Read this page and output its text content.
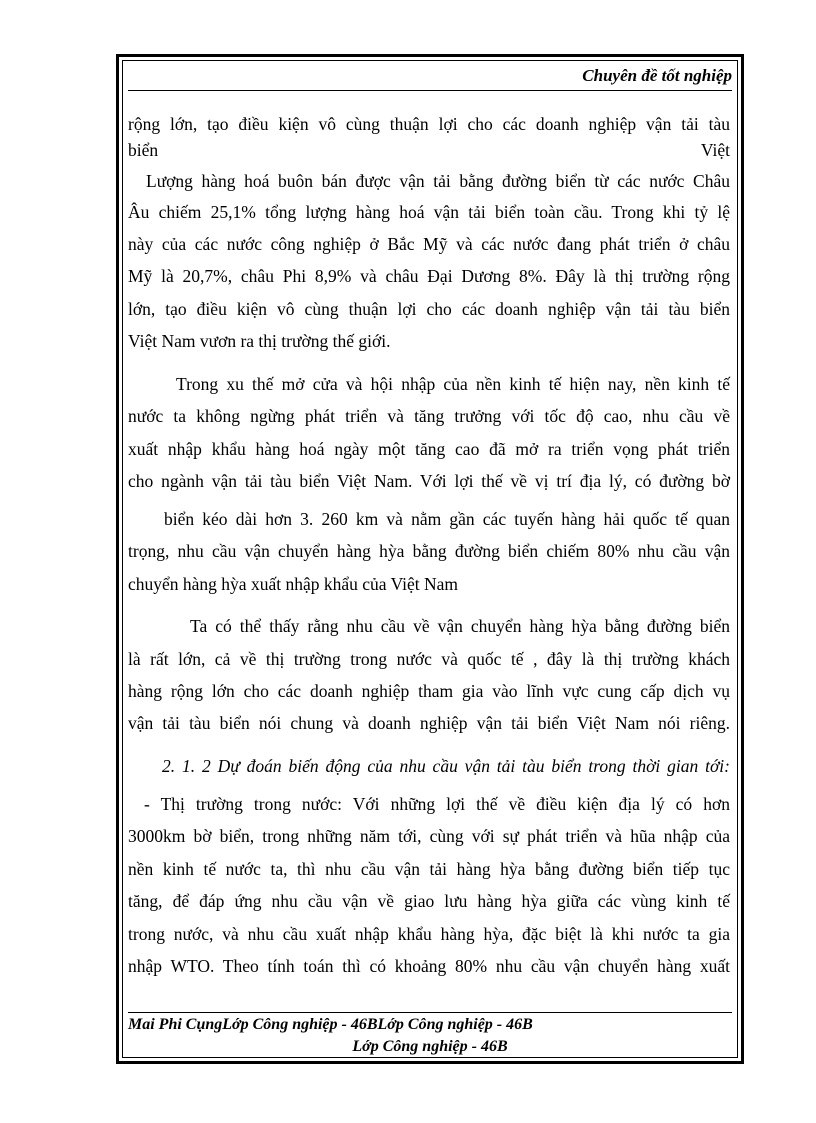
Chuyên đề tốt nghiệp
rộng lớn, tạo điều kiện vô cùng thuận lợi cho các doanh nghiệp vận tải tàu
biển Việt
Lượng hàng hoá buôn bán được vận tải bằng đường biển từ các nước Châu
Âu chiếm 25,1% tổng lượng hàng hoá vận tải biển toàn cầu. Trong khi tỷ lệ
này của các nước công nghiệp ở Bắc Mỹ và các nước đang phát triển ở châu
Mỹ là 20,7%, châu Phi 8,9% và châu Đại Dương 8%. Đây là thị trường rộng
lớn, tạo điều kiện vô cùng thuận lợi cho các doanh nghiệp vận tải tàu biển
Việt Nam vươn ra thị trường thế giới.
Trong xu thế mở cửa và hội nhập của nền kinh tế hiện nay, nền kinh tế
nước ta không ngừng phát triển và tăng trưởng với tốc độ cao, nhu cầu về
xuất nhập khẩu hàng hoá ngày một tăng cao đã mở ra triển vọng phát triển
cho ngành vận tải tàu biển Việt Nam. Với lợi thế về vị trí địa lý, có đường bờ
biển kéo dài hơn 3. 260 km và nằm gần các tuyến hàng hải quốc tế quan
trọng, nhu cầu vận chuyển hàng hỳa bằng đường biển chiếm 80% nhu cầu vận
chuyển hàng hỳa xuất nhập khẩu của Việt Nam
Ta có thể thấy rằng nhu cầu về vận chuyển hàng hỳa bằng đường biển
là rất lớn, cả về thị trường trong nước và quốc tế , đây là thị trường khách
hàng rộng lớn cho các doanh nghiệp tham gia vào lĩnh vực cung cấp dịch vụ
vận tải tàu biển nói chung và doanh nghiệp vận tải biển Việt Nam nói riêng.
2. 1. 2 Dự đoán biến động của nhu cầu vận tải tàu biển trong thời gian tới:
- Thị trường trong nước: Với những lợi thế về điều kiện địa lý có hơn
3000km bờ biển, trong những năm tới, cùng với sự phát triển và hũa nhập của
nền kinh tế nước ta, thì nhu cầu vận tải hàng hỳa bằng đường biển tiếp tục
tăng, để đáp ứng nhu cầu vận về giao lưu hàng hỳa giữa các vùng kinh tế
trong nước, và nhu cầu xuất nhập khẩu hàng hỳa, đặc biệt là khi nước ta gia
nhập WTO. Theo tính toán thì có khoảng 80% nhu cầu vận chuyển hàng xuất
Mai Phi CụngLớp Công nghiệp - 46BLớp Công nghiệp - 46B
Lớp Công nghiệp - 46B
